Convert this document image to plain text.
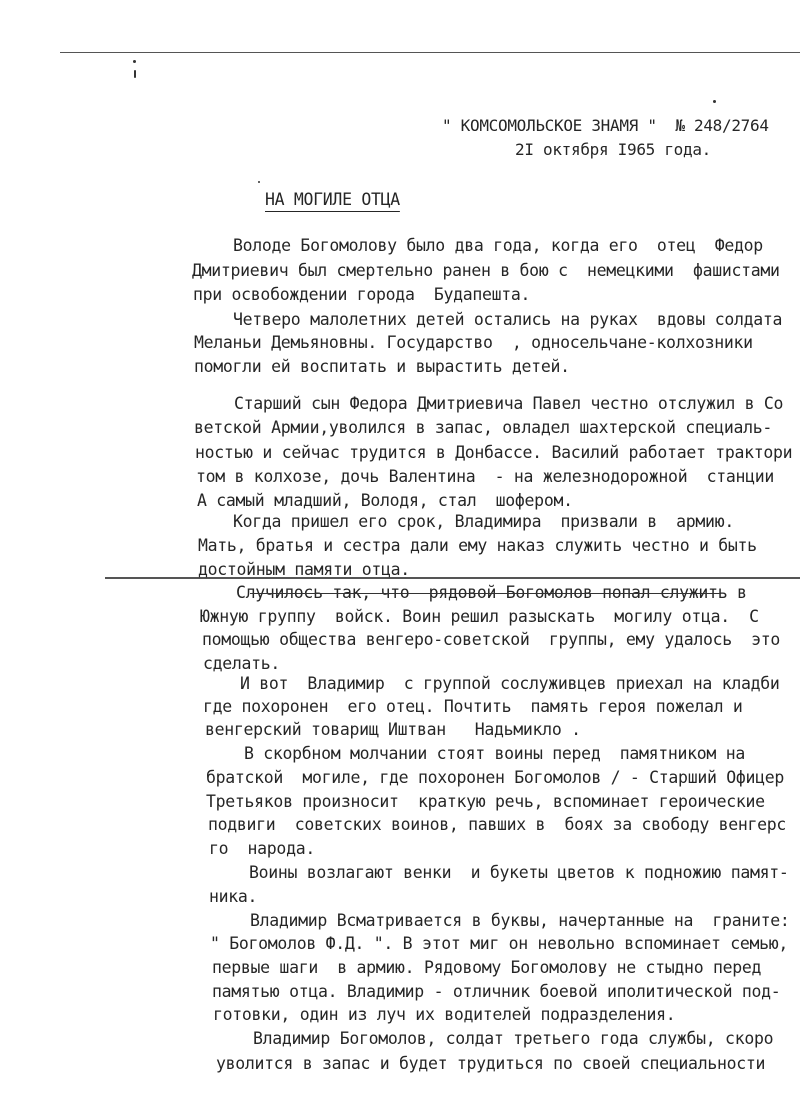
" КОМСОМОЛЬСКОЕ ЗНАМЯ "  № 248/2764
2I октября I965 года.
НА МОГИЛЕ ОТЦА
Володе Богомолову было два года, когда его  отец  Федор
Дмитриевич был смертельно ранен в бою с  немецкими  фашистами
при освобождении города  Будапешта.
Четверо малолетних детей остались на руках  вдовы солдата
Меланьи Демьяновны. Государство  , односельчане-колхозники
помогли ей воспитать и вырастить детей.
Старший сын Федора Дмитриевича Павел честно отслужил в Со
ветской Армии,уволился в запас, овладел шахтерской специаль-
ностью и сейчас трудится в Донбассе. Василий работает трактори
том в колхозе, дочь Валентина  - на железнодорожной  станции
А самый младший, Володя, стал  шофером.
Когда пришел его срок, Владимира  призвали в  армию.
Мать, братья и сестра дали ему наказ служить честно и быть
достойным памяти отца.
Случилось так, что  рядовой Богомолов попал служить в
Южную группу  войск. Воин решил разыскать  могилу отца.  С
помощью общества венгеро-советской  группы, ему удалось  это
сделать.
И вот  Владимир  с группой сослуживцев приехал на кладби
где похоронен  его отец. Почтить  память героя пожелал и
венгерский товарищ Иштван   Надьмикло .
В скорбном молчании стоят воины перед  памятником на
братской  могиле, где похоронен Богомолов / - Старший Офицер
Третьяков произносит  краткую речь, вспоминает героические
подвиги  советских воинов, павших в  боях за свободу венгерс
го  народа.
Воины возлагают венки  и букеты цветов к подножию памят-
ника.
Владимир Всматривается в буквы, начертанные на  граните:
" Богомолов Ф.Д. ". В этот миг он невольно вспоминает семью,
первые шаги  в армию. Рядовому Богомолову не стыдно перед
памятью отца. Владимир - отличник боевой иполитической под-
готовки, один из луч их водителей подразделения.
Владимир Богомолов, солдат третьего года службы, скоро
уволится в запас и будет трудиться по своей специальности
